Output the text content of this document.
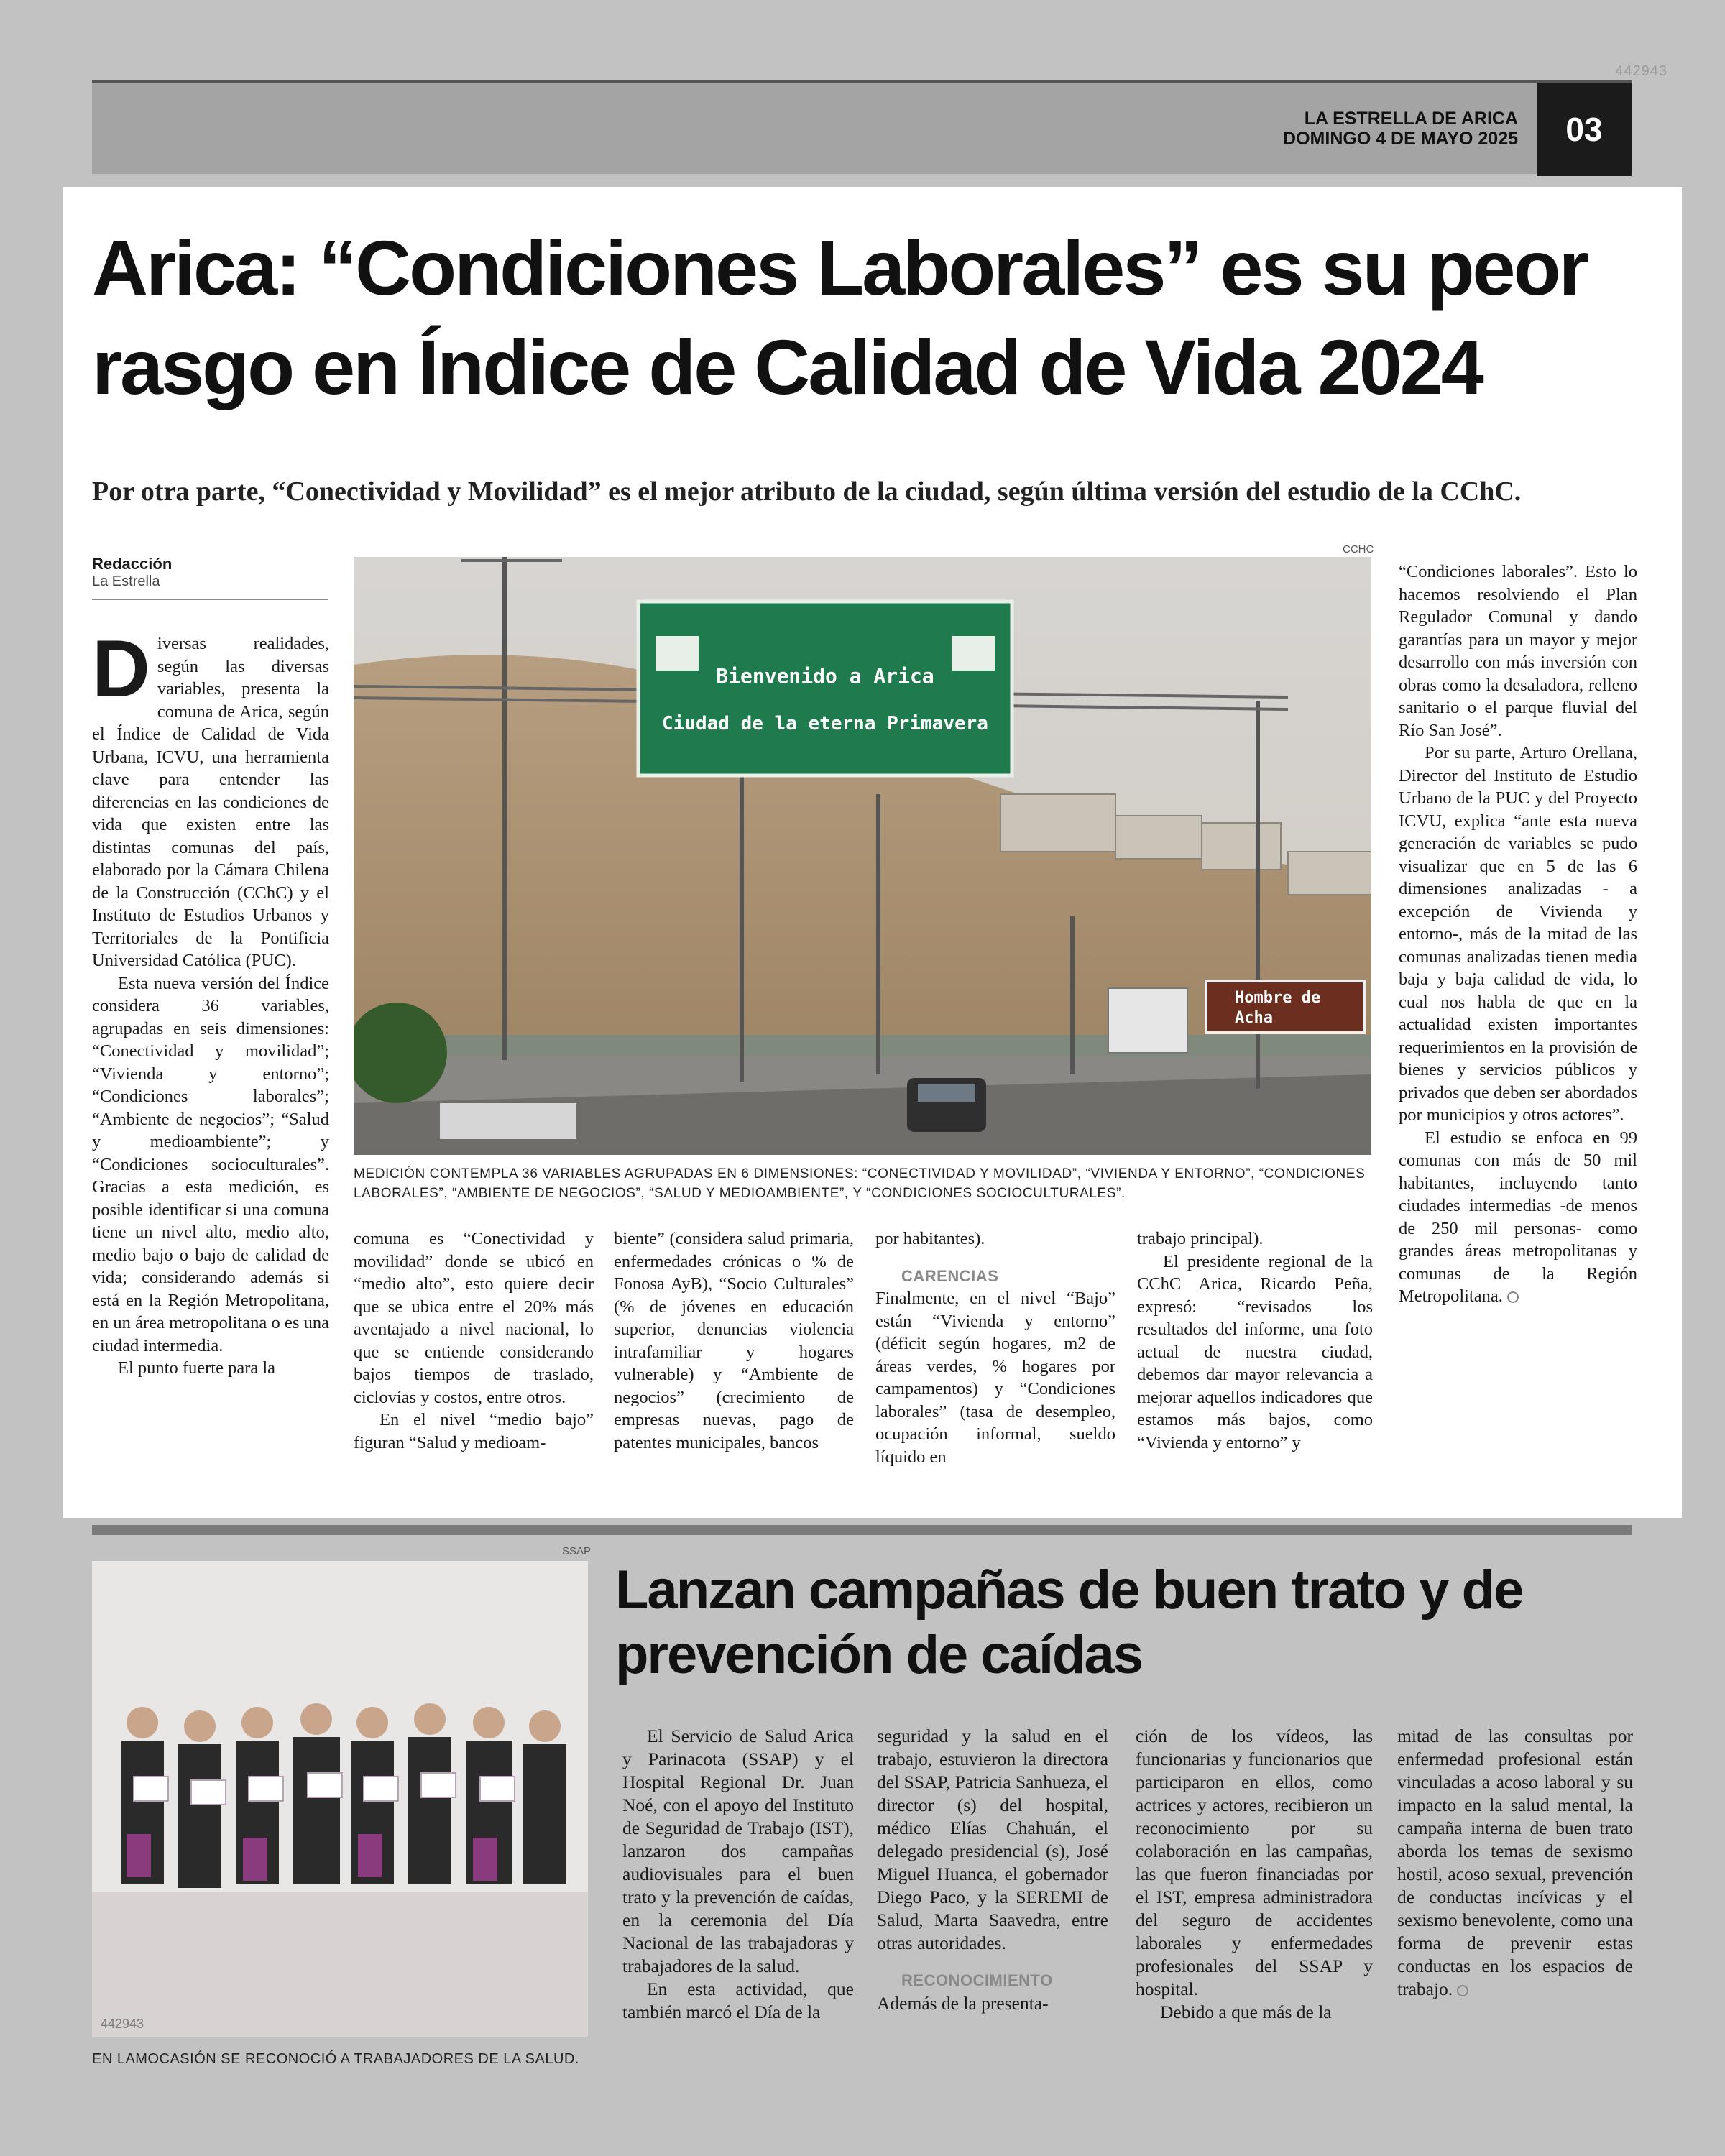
442943
LA ESTRELLA DE ARICA
DOMINGO 4 DE MAYO 2025	03
Arica: “Condiciones Laborales” es su peor rasgo en Índice de Calidad de Vida 2024
Por otra parte, “Conectividad y Movilidad” es el mejor atributo de la ciudad, según última versión del estudio de la CChC.
Redacción
La Estrella
CCHC
Bienvenido a Arica
Ciudad de la eterna Primavera
Hombre de
Acha
MEDICIÓN CONTEMPLA 36 VARIABLES AGRUPADAS EN 6 DIMENSIONES: “CONECTIVIDAD Y MOVILIDAD”, “VIVIENDA Y ENTORNO”, “CONDICIONES LABORALES”, “AMBIENTE DE NEGOCIOS”, “SALUD Y MEDIOAMBIENTE”, Y “CONDICIONES SOCIOCULTURALES”.

Diversas realidades, según las diversas variables, presenta la comuna de Arica, según el Índice de Calidad de Vida Urbana, ICVU, una herramienta clave para entender las diferencias en las condiciones de vida que existen entre las distintas comunas del país, elaborado por la Cámara Chilena de la Construcción (CChC) y el Instituto de Estudios Urbanos y Territoriales de la Pontificia Universidad Católica (PUC).

Esta nueva versión del Índice considera 36 variables, agrupadas en seis dimensiones: “Conectividad y movilidad”; “Vivienda y entorno”; “Condiciones laborales”; “Ambiente de negocios”; “Salud y medioambiente”; y “Condiciones socioculturales”. Gracias a esta medición, es posible identificar si una comuna tiene un nivel alto, medio alto, medio bajo o bajo de calidad de vida; considerando además si está en la Región Metropolitana, en un área metropolitana o es una ciudad intermedia.

El punto fuerte para la

comuna es “Conectividad y movilidad” donde se ubicó en “medio alto”, esto quiere decir que se ubica entre el 20% más aventajado a nivel nacional, lo que se entiende considerando bajos tiempos de traslado, ciclovías y costos, entre otros.

En el nivel “medio bajo” figuran “Salud y medioam-

biente” (considera salud primaria, enfermedades crónicas o % de Fonosa AyB), “Socio Culturales” (% de jóvenes en educación superior, denuncias violencia intrafamiliar y hogares vulnerable) y “Ambiente de negocios” (crecimiento de empresas nuevas, pago de patentes municipales, bancos

por habitantes).

CARENCIAS

Finalmente, en el nivel “Bajo” están “Vivienda y entorno” (déficit según hogares, m2 de áreas verdes, % hogares por campamentos) y “Condiciones laborales” (tasa de desempleo, ocupación informal, sueldo líquido en

trabajo principal).

El presidente regional de la CChC Arica, Ricardo Peña, expresó: “revisados los resultados del informe, una foto actual de nuestra ciudad, debemos dar mayor relevancia a mejorar aquellos indicadores que estamos más bajos, como “Vivienda y entorno” y

“Condiciones laborales”. Esto lo hacemos resolviendo el Plan Regulador Comunal y dando garantías para un mayor y mejor desarrollo con más inversión con obras como la desaladora, relleno sanitario o el parque fluvial del Río San José”.

Por su parte, Arturo Orellana, Director del Instituto de Estudio Urbano de la PUC y del Proyecto ICVU, explica “ante esta nueva generación de variables se pudo visualizar que en 5 de las 6 dimensiones analizadas - a excepción de Vivienda y entorno-, más de la mitad de las comunas analizadas tienen media baja y baja calidad de vida, lo cual nos habla de que en la actualidad existen importantes requerimientos en la provisión de bienes y servicios públicos y privados que deben ser abordados por municipios y otros actores”.

El estudio se enfoca en 99 comunas con más de 50 mil habitantes, incluyendo tanto ciudades intermedias -de menos de 250 mil personas- como grandes áreas metropolitanas y comunas de la Región Metropolitana.

SSAP
442943
EN LAMOCASIÓN SE RECONOCIÓ A TRABAJADORES DE LA SALUD.
Lanzan campañas de buen trato y de prevención de caídas

El Servicio de Salud Arica y Parinacota (SSAP) y el Hospital Regional Dr. Juan Noé, con el apoyo del Instituto de Seguridad de Trabajo (IST), lanzaron dos campañas audiovisuales para el buen trato y la prevención de caídas, en la ceremonia del Día Nacional de las trabajadoras y trabajadores de la salud.

En esta actividad, que también marcó el Día de la

seguridad y la salud en el trabajo, estuvieron la directora del SSAP, Patricia Sanhueza, el director (s) del hospital, médico Elías Chahuán, el delegado presidencial (s), José Miguel Huanca, el gobernador Diego Paco, y la SEREMI de Salud, Marta Saavedra, entre otras autoridades.

RECONOCIMIENTO

Además de la presenta-

ción de los vídeos, las funcionarias y funcionarios que participaron en ellos, como actrices y actores, recibieron un reconocimiento por su colaboración en las campañas, las que fueron financiadas por el IST, empresa administradora del seguro de accidentes laborales y enfermedades profesionales del SSAP y hospital.

Debido a que más de la

mitad de las consultas por enfermedad profesional están vinculadas a acoso laboral y su impacto en la salud mental, la campaña interna de buen trato aborda los temas de sexismo hostil, acoso sexual, prevención de conductas incívicas y el sexismo benevolente, como una forma de prevenir estas conductas en los espacios de trabajo.
